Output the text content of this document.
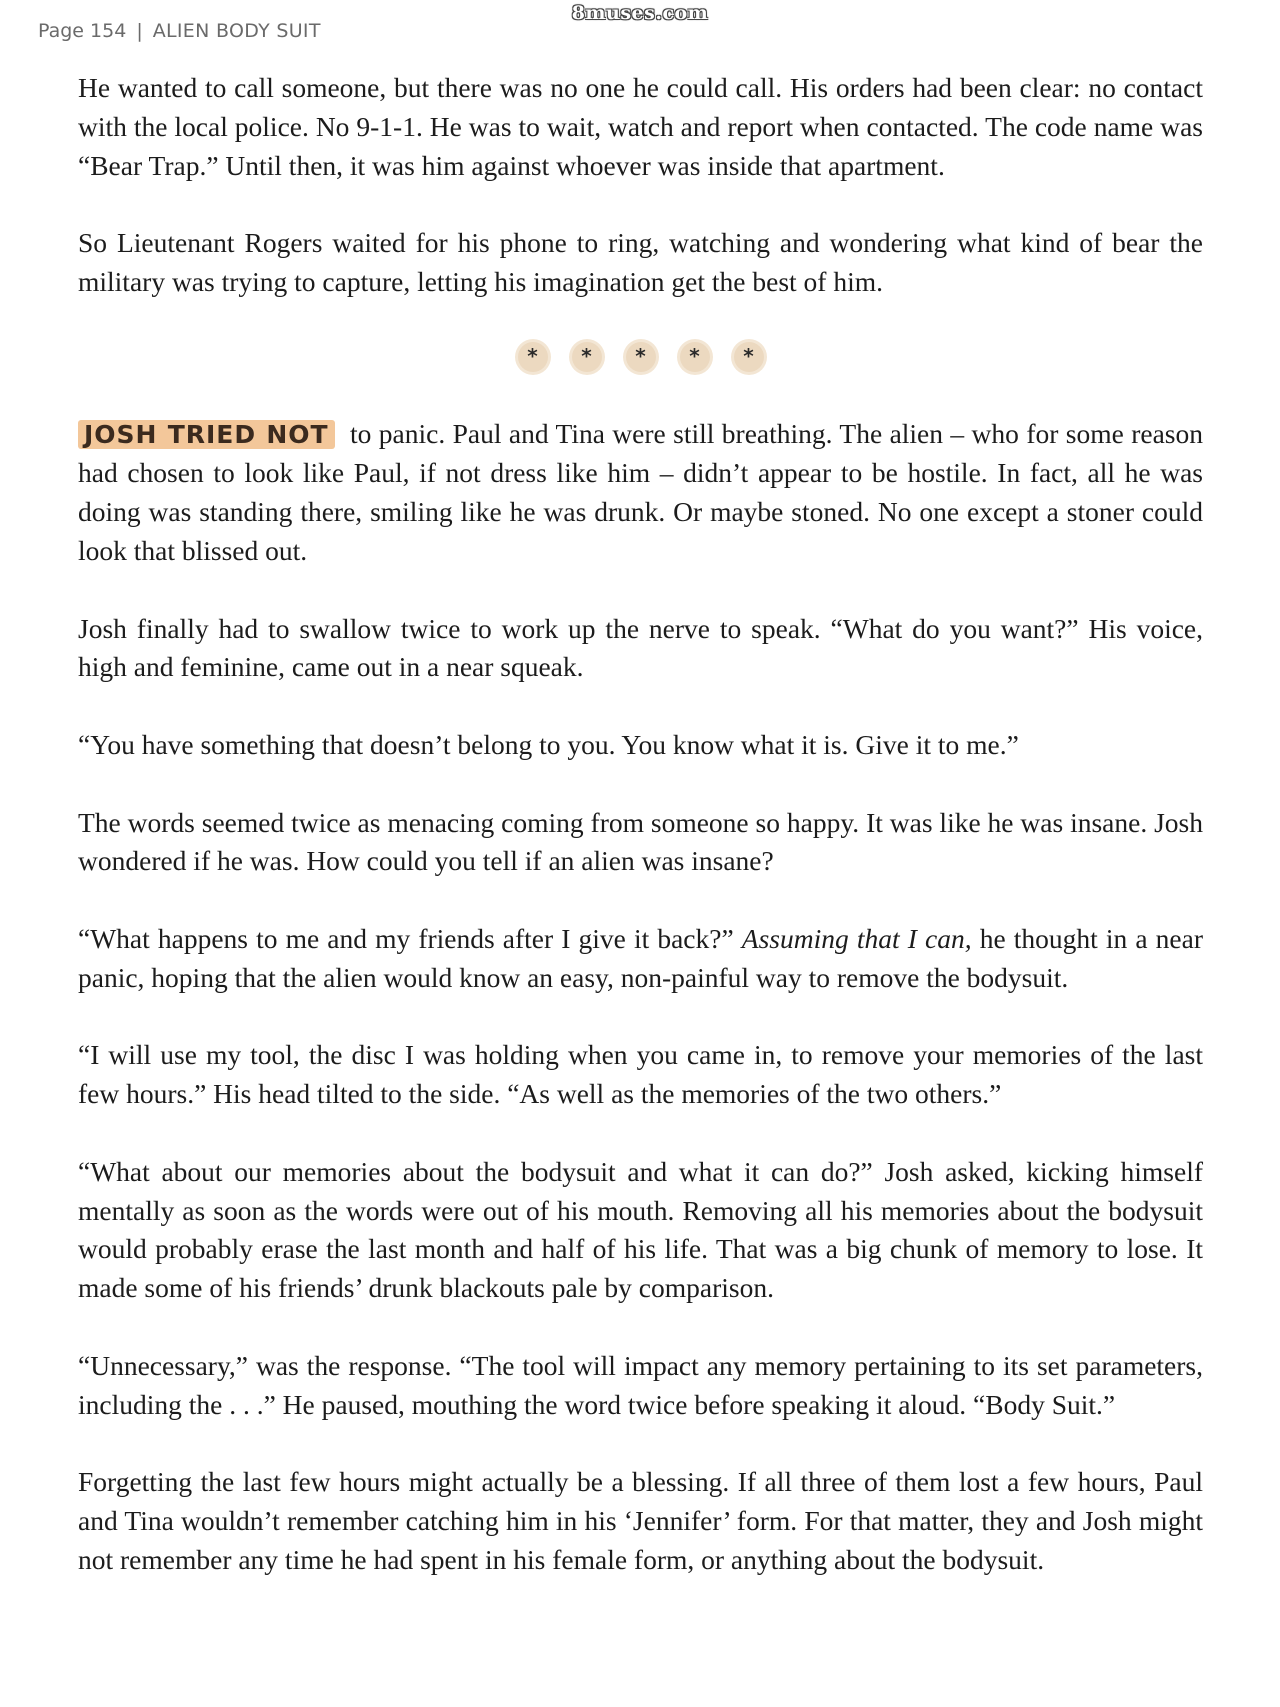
8muses.com
Page 154 | ALIEN BODY SUIT

He wanted to call someone, but there was no one he could call. His orders had been clear: no contact with the local police. No 9-1-1. He was to wait, watch and report when contacted. The code name was “Bear Trap.” Until then, it was him against whoever was inside that apartment.

So Lieutenant Rogers waited for his phone to ring, watching and wondering what kind of bear the military was trying to capture, letting his imagination get the best of him.

*	*	*	*	*

JOSH TRIED NOT to panic. Paul and Tina were still breathing. The alien – who for some reason had chosen to look like Paul, if not dress like him – didn’t appear to be hostile. In fact, all he was doing was standing there, smiling like he was drunk. Or maybe stoned. No one except a stoner could look that blissed out.

Josh finally had to swallow twice to work up the nerve to speak. “What do you want?” His voice, high and feminine, came out in a near squeak.

“You have something that doesn’t belong to you. You know what it is. Give it to me.”

The words seemed twice as menacing coming from someone so happy. It was like he was insane. Josh wondered if he was. How could you tell if an alien was insane?

“What happens to me and my friends after I give it back?” Assuming that I can, he thought in a near panic, hoping that the alien would know an easy, non-painful way to remove the bodysuit.

“I will use my tool, the disc I was holding when you came in, to remove your memories of the last few hours.” His head tilted to the side. “As well as the memories of the two others.”

“What about our memories about the bodysuit and what it can do?” Josh asked, kicking himself mentally as soon as the words were out of his mouth. Removing all his memories about the bodysuit would probably erase the last month and half of his life. That was a big chunk of memory to lose. It made some of his friends’ drunk blackouts pale by comparison.

“Unnecessary,” was the response. “The tool will impact any memory pertaining to its set parameters, including the . . .” He paused, mouthing the word twice before speaking it aloud. “Body Suit.”

Forgetting the last few hours might actually be a blessing. If all three of them lost a few hours, Paul and Tina wouldn’t remember catching him in his ‘Jennifer’ form. For that matter, they and Josh might not remember any time he had spent in his female form, or anything about the bodysuit.
